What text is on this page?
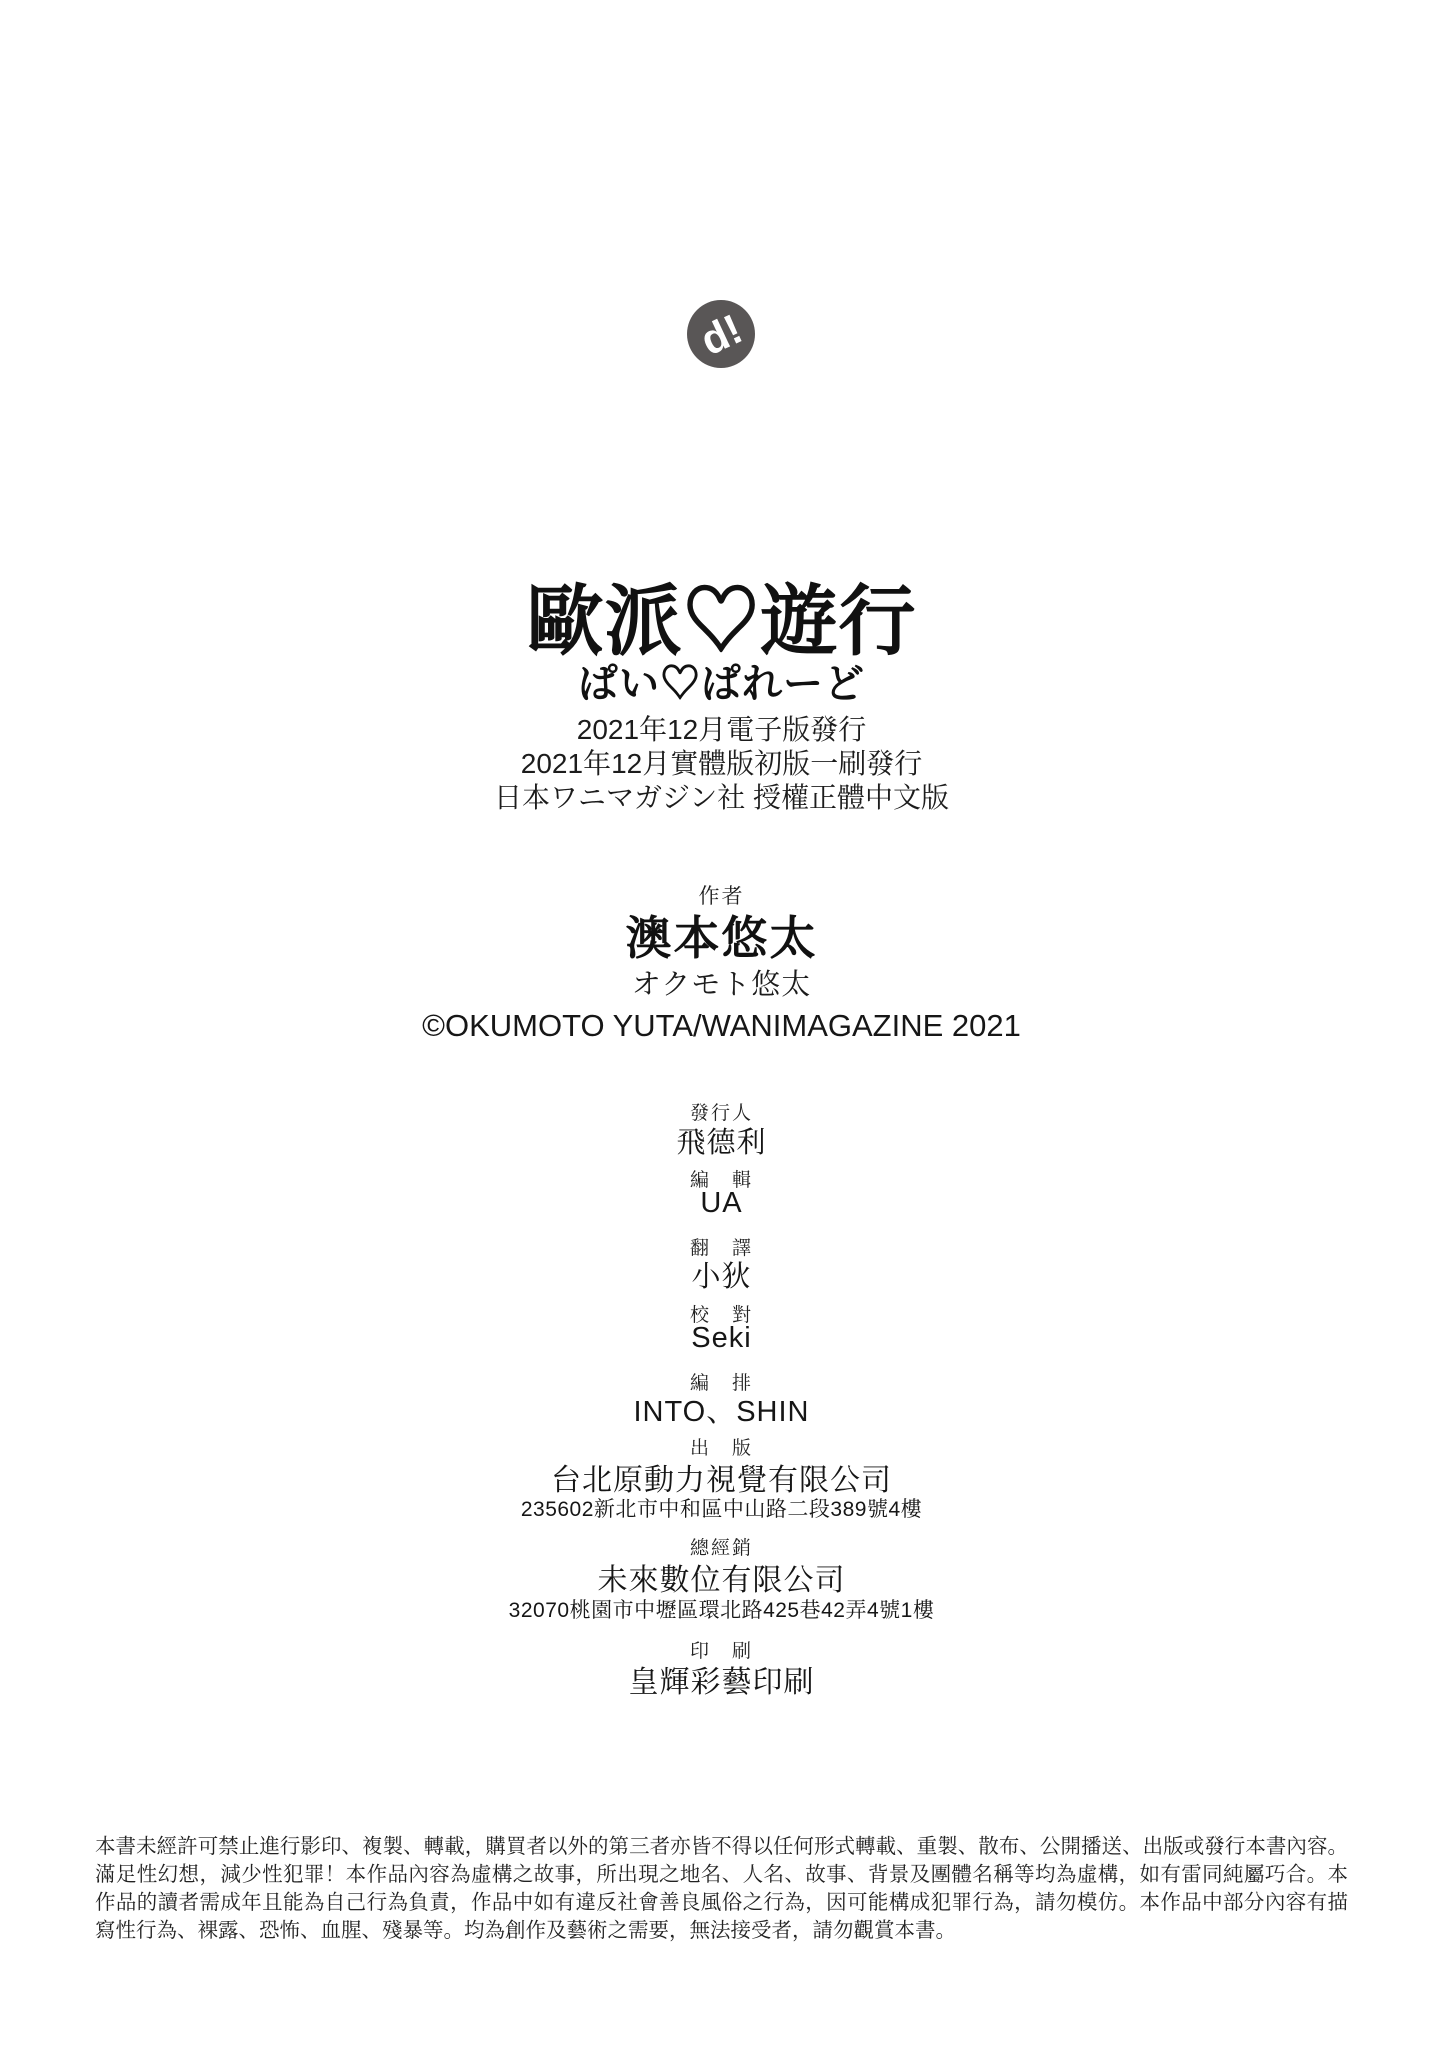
d!
歐派♡遊行
ぱい♡ぱれーど
2021年12月電子版發行
2021年12月實體版初版一刷發行
日本ワニマガジン社 授權正體中文版
作者
澳本悠太
オクモト悠太
©OKUMOTO YUTA/WANIMAGAZINE 2021
發行人
飛德利
編　輯
UA
翻　譯
小狄
校　對
Seki
編　排
INTO、SHIN
出　版
台北原動力視覺有限公司
235602新北市中和區中山路二段389號4樓
總經銷
未來數位有限公司
32070桃園市中壢區環北路425巷42弄4號1樓
印　刷
皇輝彩藝印刷
本書未經許可禁止進行影印、複製、轉載，購買者以外的第三者亦皆不得以任何形式轉載、重製、散布、公開播送、出版或發行本書內容。
滿足性幻想，減少性犯罪！本作品內容為虛構之故事，所出現之地名、人名、故事、背景及團體名稱等均為虛構，如有雷同純屬巧合。本
作品的讀者需成年且能為自己行為負責，作品中如有違反社會善良風俗之行為，因可能構成犯罪行為，請勿模仿。本作品中部分內容有描
寫性行為、裸露、恐怖、血腥、殘暴等。均為創作及藝術之需要，無法接受者，請勿觀賞本書。
